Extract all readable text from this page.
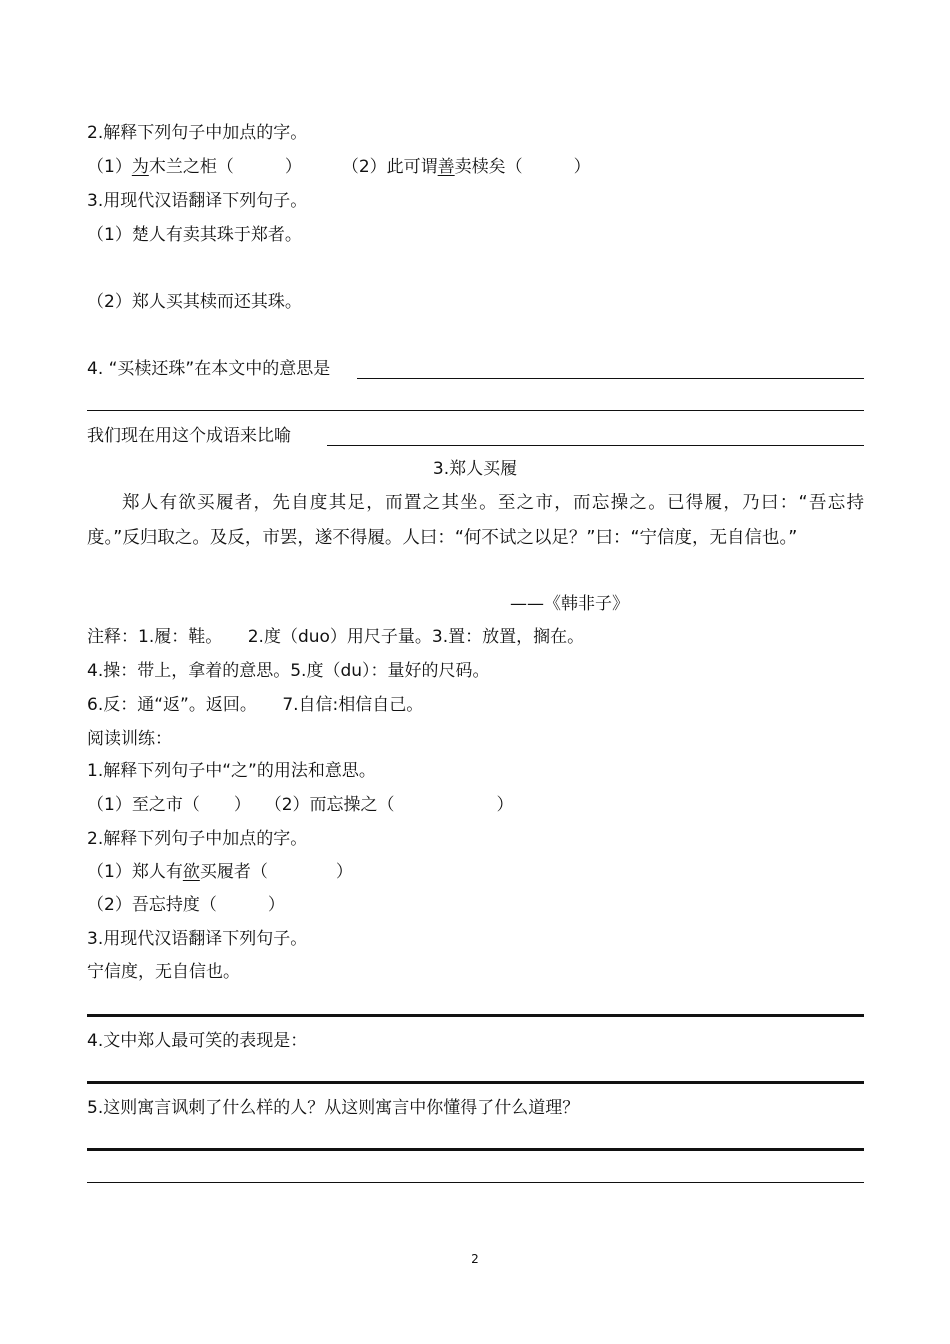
2.解释下列句子中加点的字。
（1）为木兰之柜（　　　） （2）此可谓善卖椟矣（　　　）
3.用现代汉语翻译下列句子。
（1）楚人有卖其珠于郑者。
（2）郑人买其椟而还其珠。
4. “买椟还珠”在本文中的意思是
我们现在用这个成语来比喻
3.郑人买履
郑人有欲买履者，先自度其足，而置之其坐。至之市，而忘操之。已得履，乃曰：“吾忘持度。”反归取之。及反，市罢，遂不得履。人曰：“何不试之以足？”曰：“宁信度，无自信也。”
——《韩非子》
注释：1.履：鞋。　　2.度（duo）用尺子量。3.置：放置，搁在。
4.操：带上，拿着的意思。5.度（du）：量好的尺码。
6.反：通“返”。返回。　　7.自信:相信自己。
阅读训练：
1.解释下列句子中“之”的用法和意思。
（1）至之市（　　）　 （2）而忘操之（　　　　　　）
2.解释下列句子中加点的字。
（1）郑人有欲买履者（　　　　）
（2）吾忘持度（　　　）
3.用现代汉语翻译下列句子。
宁信度，无自信也。
4.文中郑人最可笑的表现是：
5.这则寓言讽刺了什么样的人？从这则寓言中你懂得了什么道理？
2
